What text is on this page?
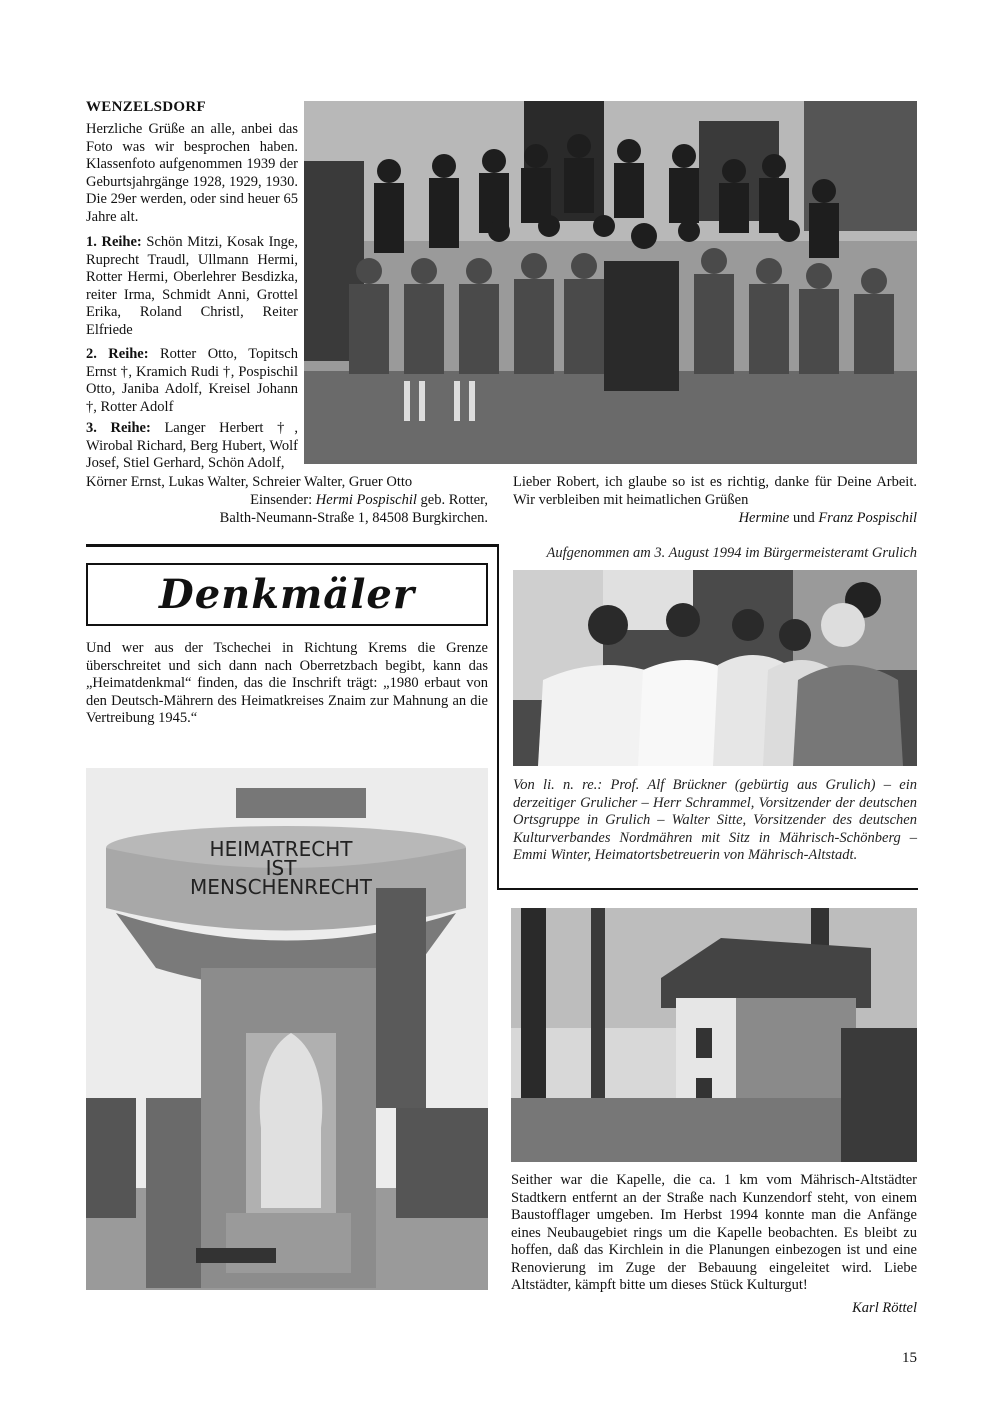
WENZELSDORF
Herzliche Grüße an alle, anbei das Foto was wir besprochen haben. Klassenfoto aufgenommen 1939 der Geburtsjahrgänge 1928, 1929, 1930. Die 29er werden, oder sind heuer 65 Jahre alt.
1. Reihe: Schön Mitzi, Kosak Inge, Ruprecht Traudl, Ullmann Hermi, Rotter Hermi, Oberlehrer Besdizka, reiter Irma, Schmidt Anni, Grottel Erika, Roland Christl, Reiter Elfriede
2. Reihe: Rotter Otto, Topitsch Ernst †, Kramich Rudi †, Pospischil Otto, Janiba Adolf, Kreisel Johann †, Rotter Adolf
3. Reihe: Langer Herbert †, Wirobal Richard, Berg Hubert, Wolf Josef, Stiel Gerhard, Schön Adolf,
Körner Ernst, Lukas Walter, Schreier Walter, Gruer Otto
Einsender: Hermi Pospischil geb. Rotter,
Balth-Neumann-Straße 1, 84508 Burgkirchen.
Lieber Robert, ich glaube so ist es richtig, danke für Deine Arbeit. Wir verbleiben mit heimatlichen Grüßen
Hermine und Franz Pospischil
Denkmäler
Und wer aus der Tschechei in Richtung Krems die Grenze überschreitet und sich dann nach Oberretzbach begibt, kann das „Heimatdenkmal“ finden, das die Inschrift trägt: „1980 erbaut von den Deutsch-Mährern des Heimatkreises Znaim zur Mahnung an die Vertreibung 1945.“
HEIMATRECHT
IST
MENSCHENRECHT
Aufgenommen am 3. August 1994 im Bürgermeisteramt Grulich
Von li. n. re.: Prof. Alf Brückner (gebürtig aus Grulich) – ein derzeitiger Grulicher – Herr Schrammel, Vorsitzender der deutschen Ortsgruppe in Grulich – Walter Sitte, Vorsitzender des deutschen Kulturverbandes Nordmähren mit Sitz in Mährisch-Schönberg – Emmi Winter, Heimatortsbetreuerin von Mährisch-Altstadt.
Seither war die Kapelle, die ca. 1 km vom Mährisch-Altstädter Stadtkern entfernt an der Straße nach Kunzendorf steht, von einem Baustofflager umgeben. Im Herbst 1994 konnte man die Anfänge eines Neubaugebiet rings um die Kapelle beobachten. Es bleibt zu hoffen, daß das Kirchlein in die Planungen einbezogen ist und eine Renovierung im Zuge der Bebauung eingeleitet wird. Liebe Altstädter, kämpft bitte um dieses Stück Kulturgut!
Karl Röttel
15
